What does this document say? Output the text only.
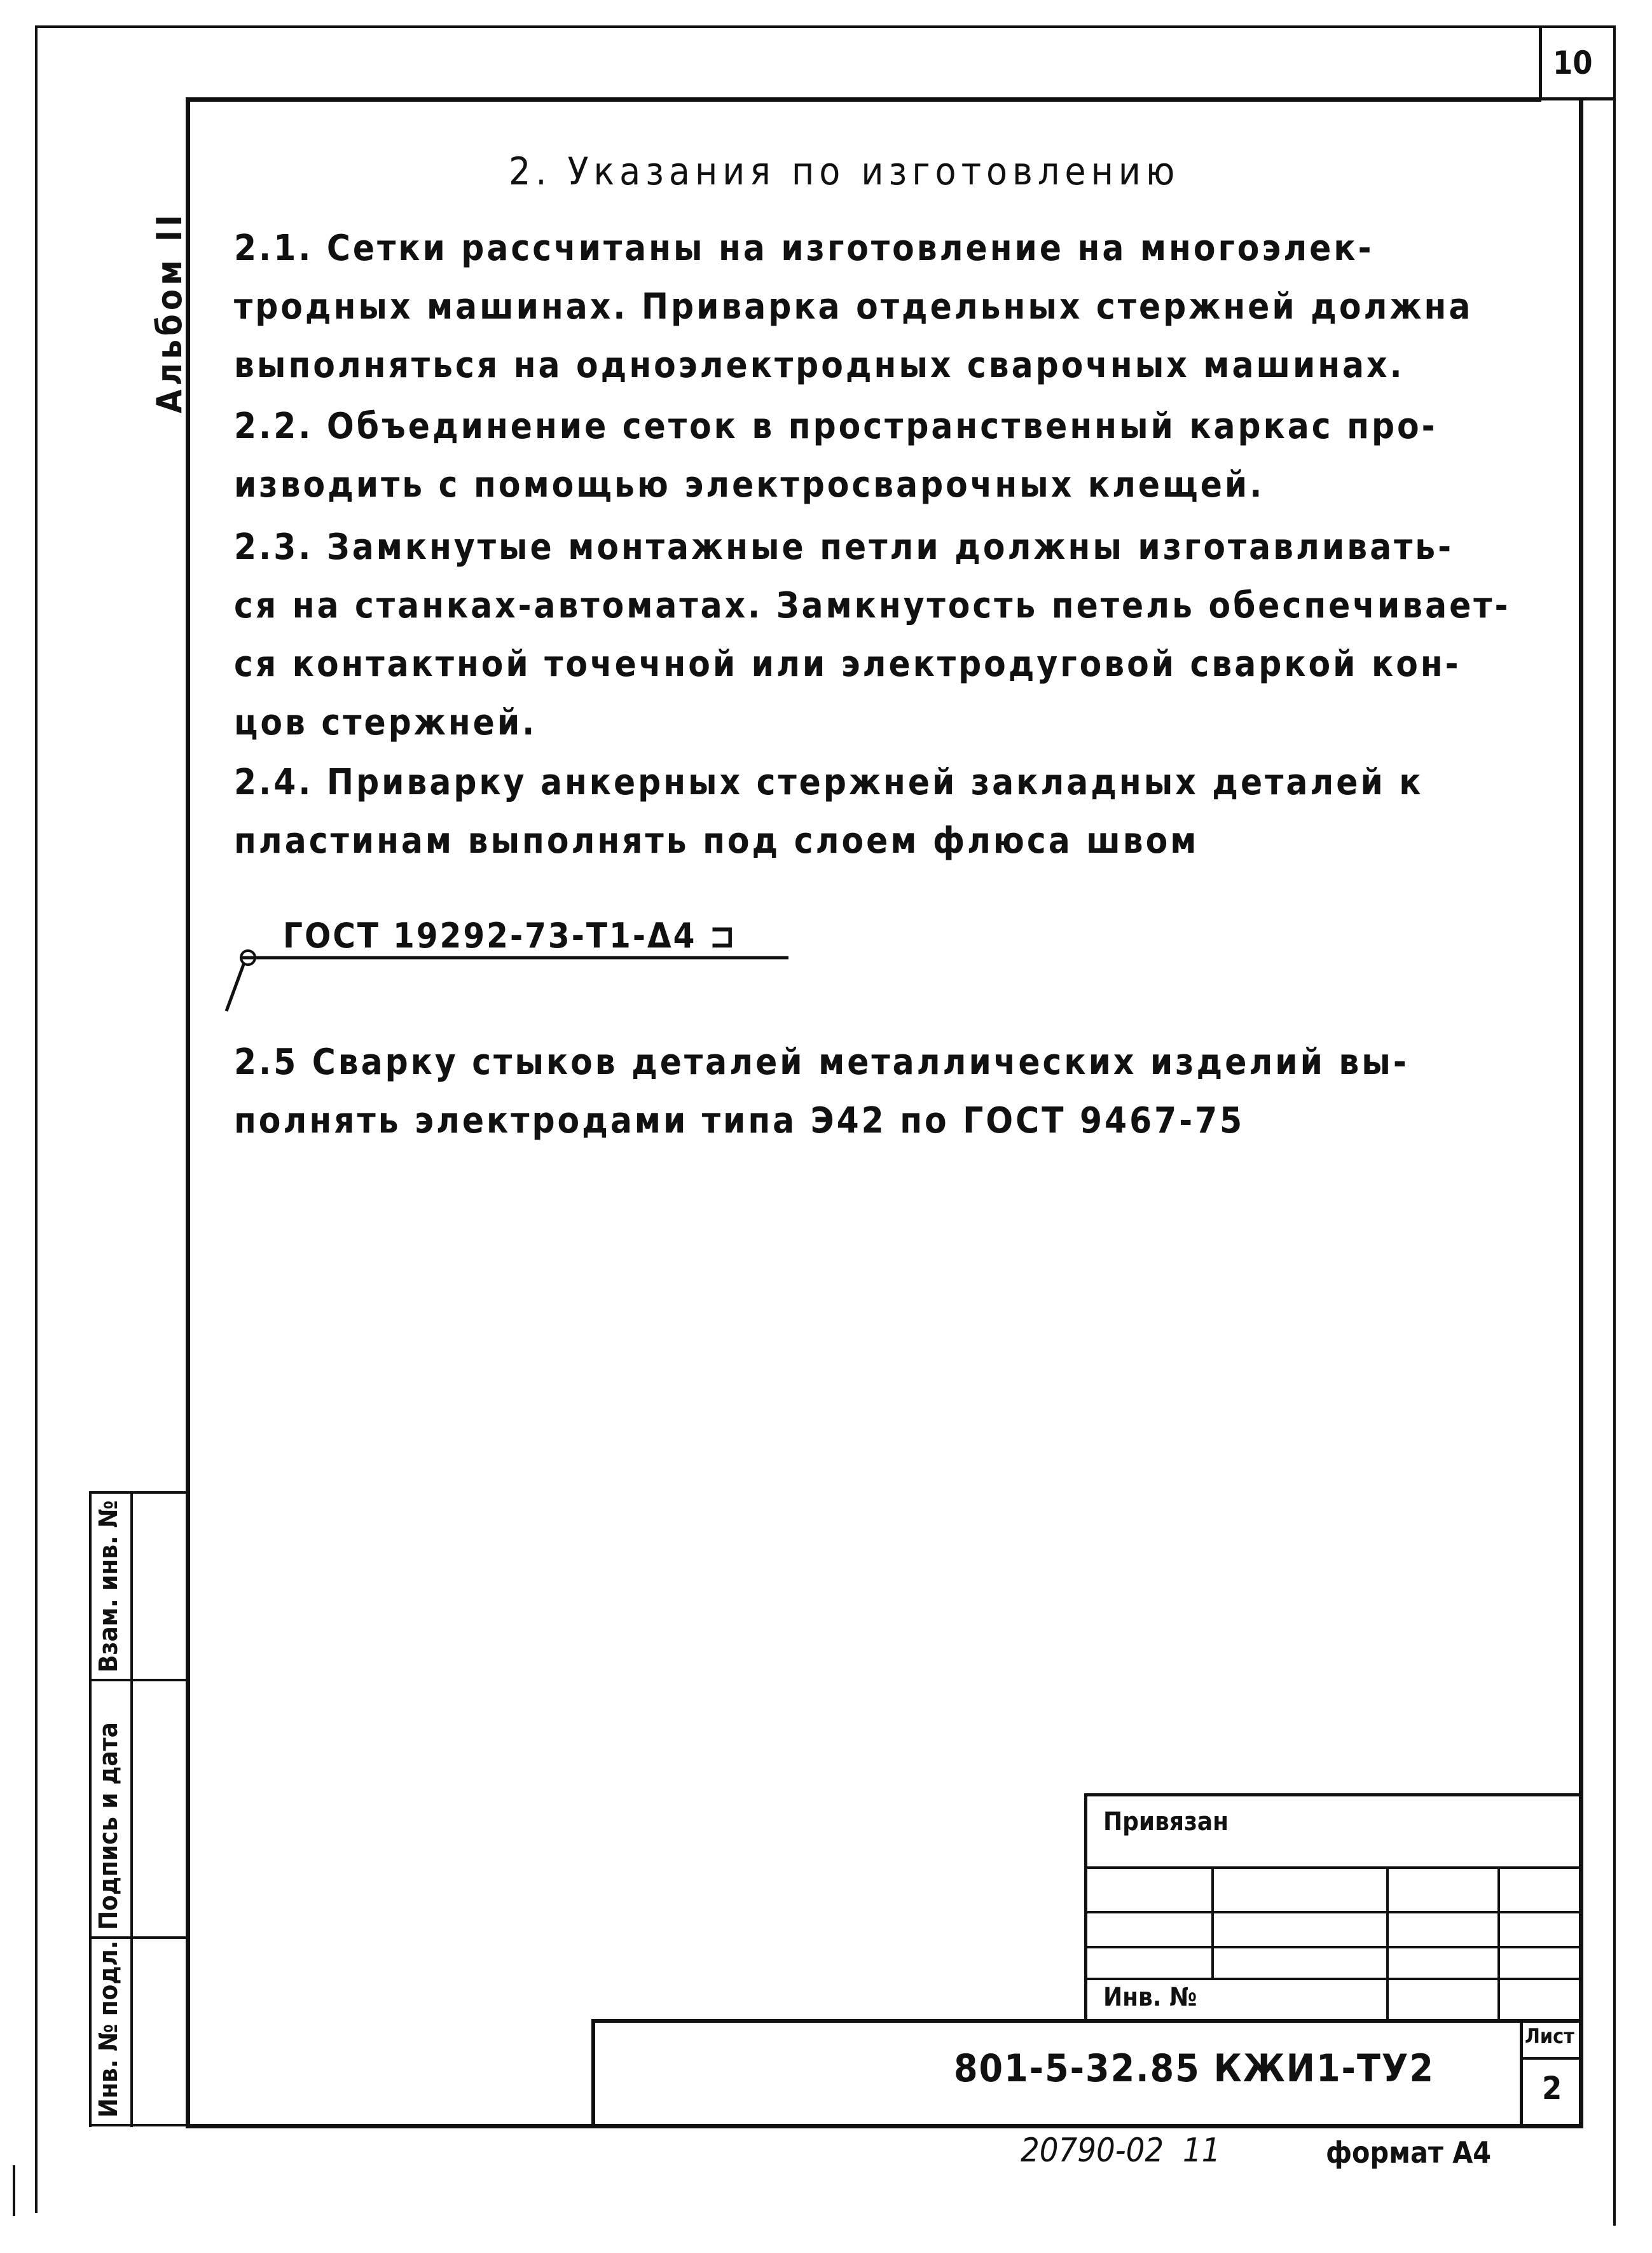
10
Альбом II
Взам. инв. №
Подпись и дата
Инв. № подл.
2. Указания по изготовлению
2.1. Сетки рассчитаны на изготовление на многоэлек-
тродных машинах. Приварка отдельных стержней должна
выполняться на одноэлектродных сварочных машинах.
2.2. Объединение сеток в пространственный каркас про-
изводить с помощью электросварочных клещей.
2.3. Замкнутые монтажные петли должны изготавливать-
ся на станках-автоматах. Замкнутость петель обеспечивает-
ся контактной точечной или электродуговой сваркой кон-
цов стержней.
2.4. Приварку анкерных стержней закладных деталей к
пластинам выполнять под слоем флюса швом
ГОСТ 19292-73-Т1-Δ4 ⊐
2.5 Сварку стыков деталей металлических изделий вы-
полнять электродами типа Э42 по ГОСТ 9467-75
Привязан
Инв. №
801-5-32.85 КЖИ1-ТУ2
Лист
2
20790-02  11	формат А4
